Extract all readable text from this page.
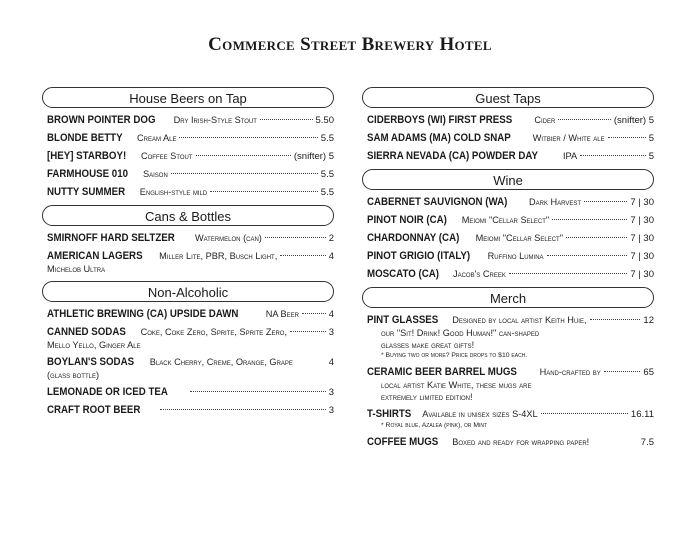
Commerce Street Brewery Hotel
House Beers on Tap
BROWN POINTER DOG Dry Irish-Style Stout	5.50
BLONDE BETTY Cream Ale	5.5
[HEY] STARBOY! Coffee Stout	(snifter) 5
FARMHOUSE 010 Saison	5.5
NUTTY SUMMER English-style mild	5.5
Cans & Bottles
SMIRNOFF HARD SELTZER Watermelon (can)	2
AMERICAN LAGERS Miller Lite, PBR, Busch Light,	4
Michelob Ultra
Non-Alcoholic
ATHLETIC BREWING (CA) UPSIDE DAWN	NA Beer	4
CANNED SODAS Coke, Coke Zero, Sprite, Sprite Zero,	3
Mello Yello, Ginger Ale
BOYLAN'S SODAS Black Cherry, Creme, Orange, Grape	4
(glass bottle)
LEMONADE OR ICED TEA	3
CRAFT ROOT BEER	3
Guest Taps
CIDERBOYS (WI) FIRST PRESS Cider	(snifter) 5
SAM ADAMS (MA) COLD SNAP Witbier / White ale	5
SIERRA NEVADA (CA) POWDER DAY	IPA	5
Wine
CABERNET SAUVIGNON (WA) Dark Harvest	7 | 30
PINOT NOIR (CA) Meiomi "Cellar Select"	7 | 30
CHARDONNAY (CA) Meiomi "Cellar Select"	7 | 30
PINOT GRIGIO (ITALY) Ruffino Lumina	7 | 30
MOSCATO (CA) Jacob's Creek	7 | 30
Merch
PINT GLASSES Designed by local artist Keith Huie,	12
our "Sit! Drink! Good Human!" can-shaped
glasses make great gifts!
* Buying two or more? Price drops to $10 each.
CERAMIC BEER BARREL MUGS Hand-crafted by	65
local artist Katie White, these mugs are
extremely limited edition!
T-SHIRTS Available in unisex sizes S-4XL	16.11
* Royal blue, Azalea (pink), or Mint
COFFEE MUGS Boxed and ready for wrapping paper!	7.5
